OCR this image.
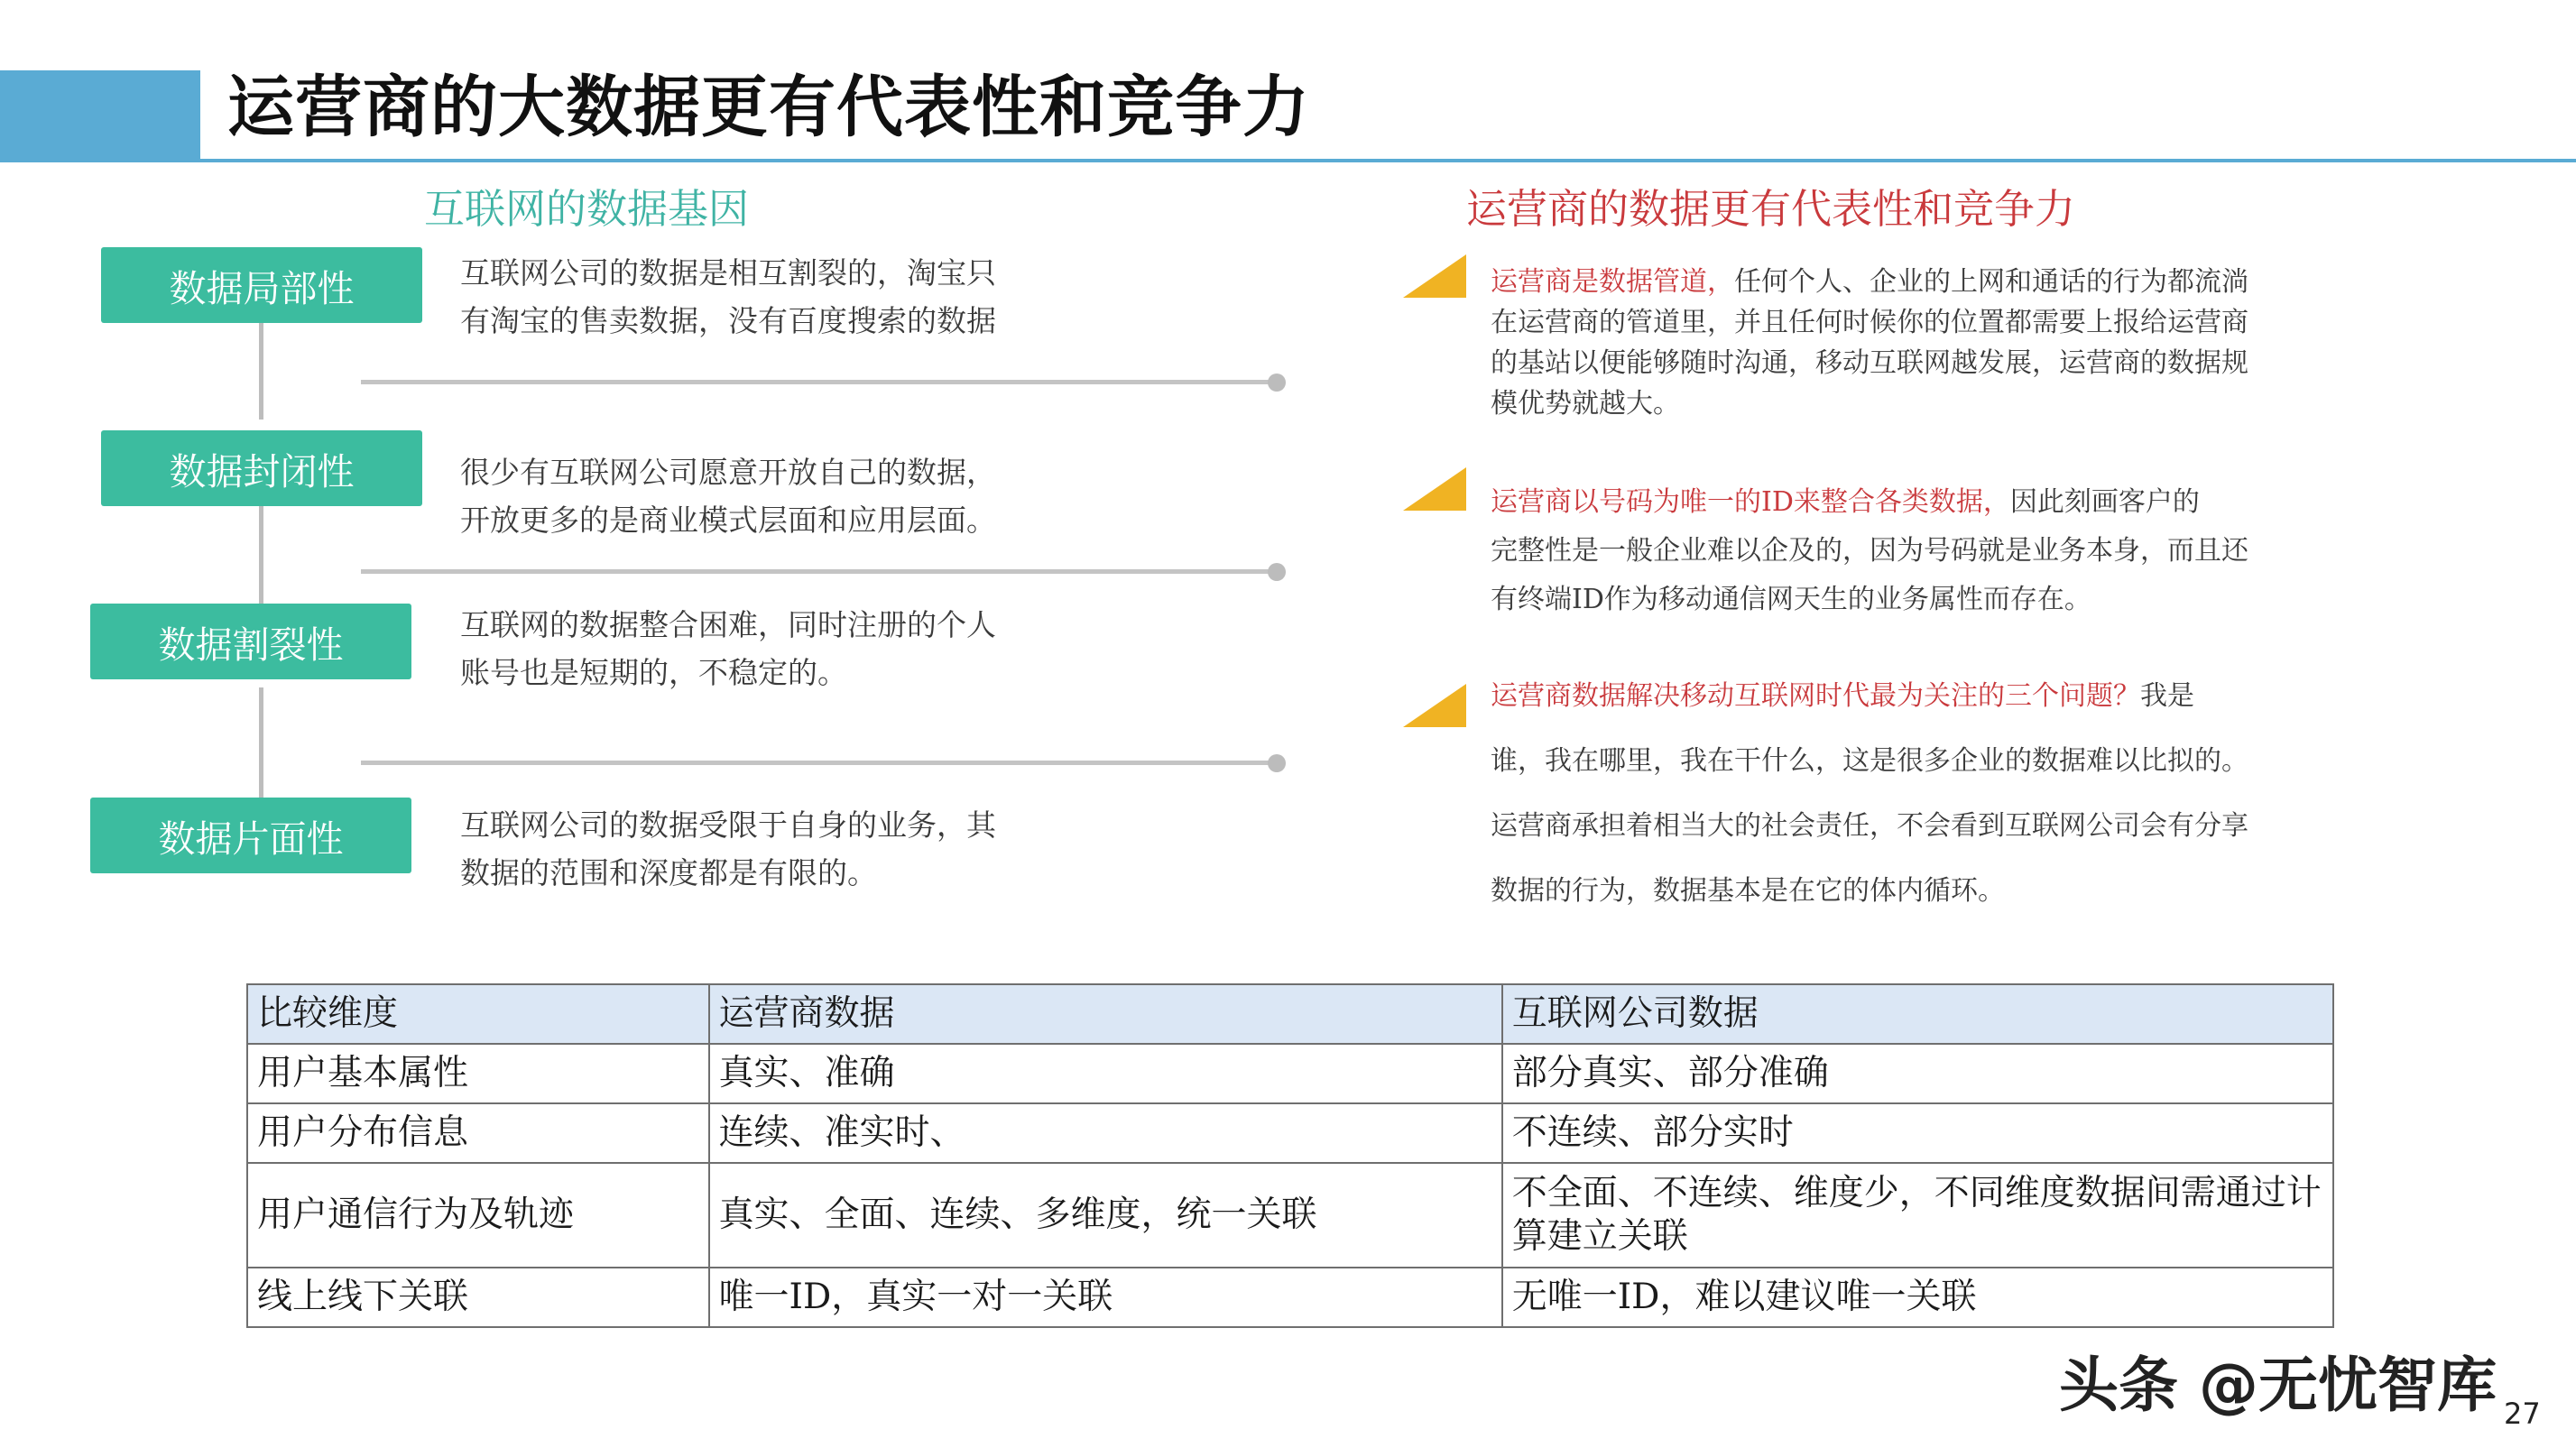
运营商的大数据更有代表性和竞争力
互联网的数据基因
数据局部性
数据封闭性
数据割裂性
数据片面性
互联网公司的数据是相互割裂的，淘宝只
有淘宝的售卖数据，没有百度搜索的数据
很少有互联网公司愿意开放自己的数据，
开放更多的是商业模式层面和应用层面。
互联网的数据整合困难，同时注册的个人
账号也是短期的，不稳定的。
互联网公司的数据受限于自身的业务，其
数据的范围和深度都是有限的。
运营商的数据更有代表性和竞争力
运营商是数据管道，任何个人、企业的上网和通话的行为都流淌
在运营商的管道里，并且任何时候你的位置都需要上报给运营商
的基站以便能够随时沟通，移动互联网越发展，运营商的数据规
模优势就越大。
运营商以号码为唯一的ID来整合各类数据，因此刻画客户的
完整性是一般企业难以企及的，因为号码就是业务本身，而且还
有终端ID作为移动通信网天生的业务属性而存在。
运营商数据解决移动互联网时代最为关注的三个问题？我是
谁，我在哪里，我在干什么，这是很多企业的数据难以比拟的。
运营商承担着相当大的社会责任，不会看到互联网公司会有分享
数据的行为，数据基本是在它的体内循环。
比较维度	运营商数据	互联网公司数据
用户基本属性	真实、准确	部分真实、部分准确
用户分布信息	连续、准实时、	不连续、部分实时
用户通信行为及轨迹	真实、全面、连续、多维度，统一关联	不全面、不连续、维度少，不同维度数据间需通过计算建立关联
线上线下关联	唯一ID，真实一对一关联	无唯一ID，难以建议唯一关联
头条 @无忧智库 27
